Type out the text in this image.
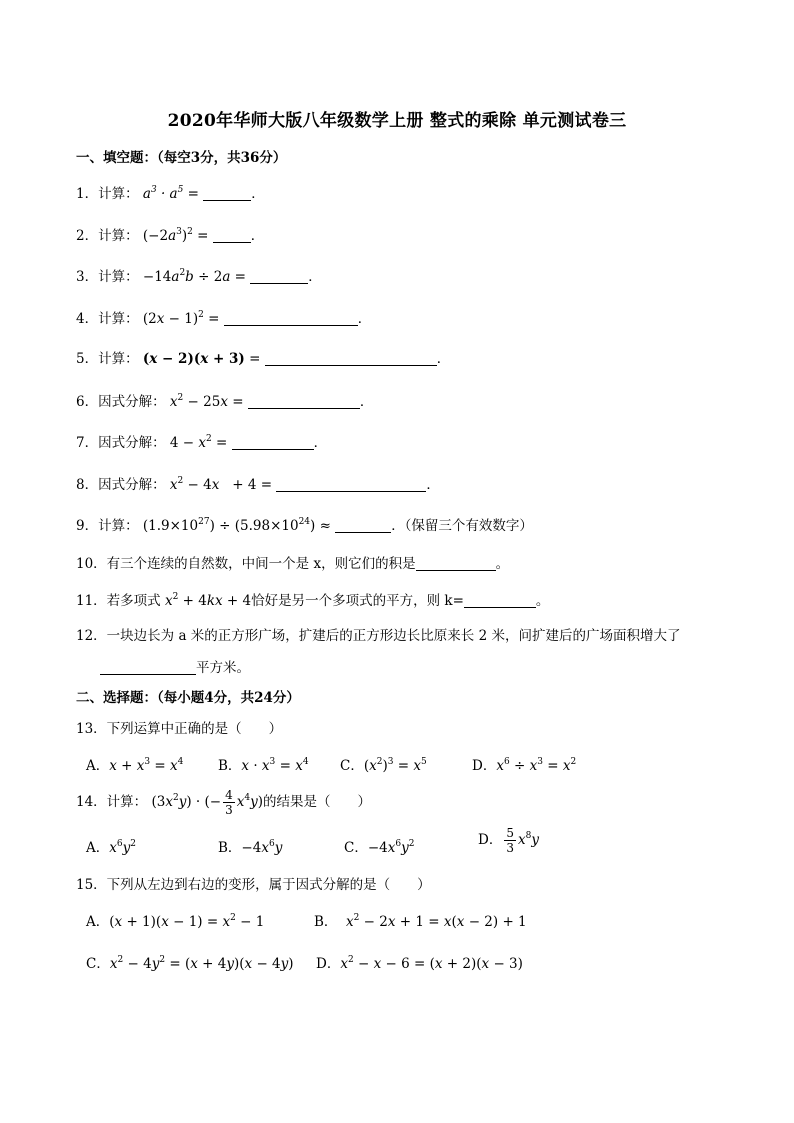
2020年华师大版八年级数学上册 整式的乘除 单元测试卷三
一、填空题：（每空3分，共36分）
1．计算： $a^3 \cdot a^5$ =	．
2．计算： $(-2a^3)^2$ =	．
3．计算： $-14a^2b \div 2a$ =	．
4．计算： $(2x - 1)^2$ =	．
5．计算： (x − 2)(x + 3) =	．
6．因式分解： $x^2 - 25x$ =	．
7．因式分解： $4 - x^2$ =	．
8．因式分解： $x^2 - 4x + 4$ =	．
9．计算： $(1.9\times 10^{27}) \div (5.98\times 10^{24})$ ≈	．（保留三个有效数字）
10．有三个连续的自然数，中间一个是 x，则它们的积是	。
11．若多项式 $x^2 + 4kx + 4$恰好是另一个多项式的平方，则 k=	。
12．一块边长为 a 米的正方形广场，扩建后的正方形边长比原来长 2 米，问扩建后的广场面积增大了
平方米。
二、选择题：（每小题4分，共24分）
13．下列运算中正确的是（　　）
A．$x + x^3 = x^4$	B．$x \cdot x^3 = x^4$ C．$(x^2)^3 = x^5$	D．$x^6 \div x^3 = x^2$
14．计算： $(3x^2y)$ · (− $\frac{4}{3} x^4y$)的结果是（　　）
A．$x^6y^2$	B．$-4x^6y$	C．$-4x^6y^2$	D． $\frac{5}{3} x^8y$
15．下列从左边到右边的变形，属于因式分解的是（　　）
A．$(x + 1)(x - 1) = x^2 - 1$	B． $x^2 - 2x + 1 = x(x - 2) + 1$
C．$x^2 - 4y^2 = (x + 4y)(x - 4y)$ D．$x^2 - x - 6 = (x + 2)(x - 3)$
